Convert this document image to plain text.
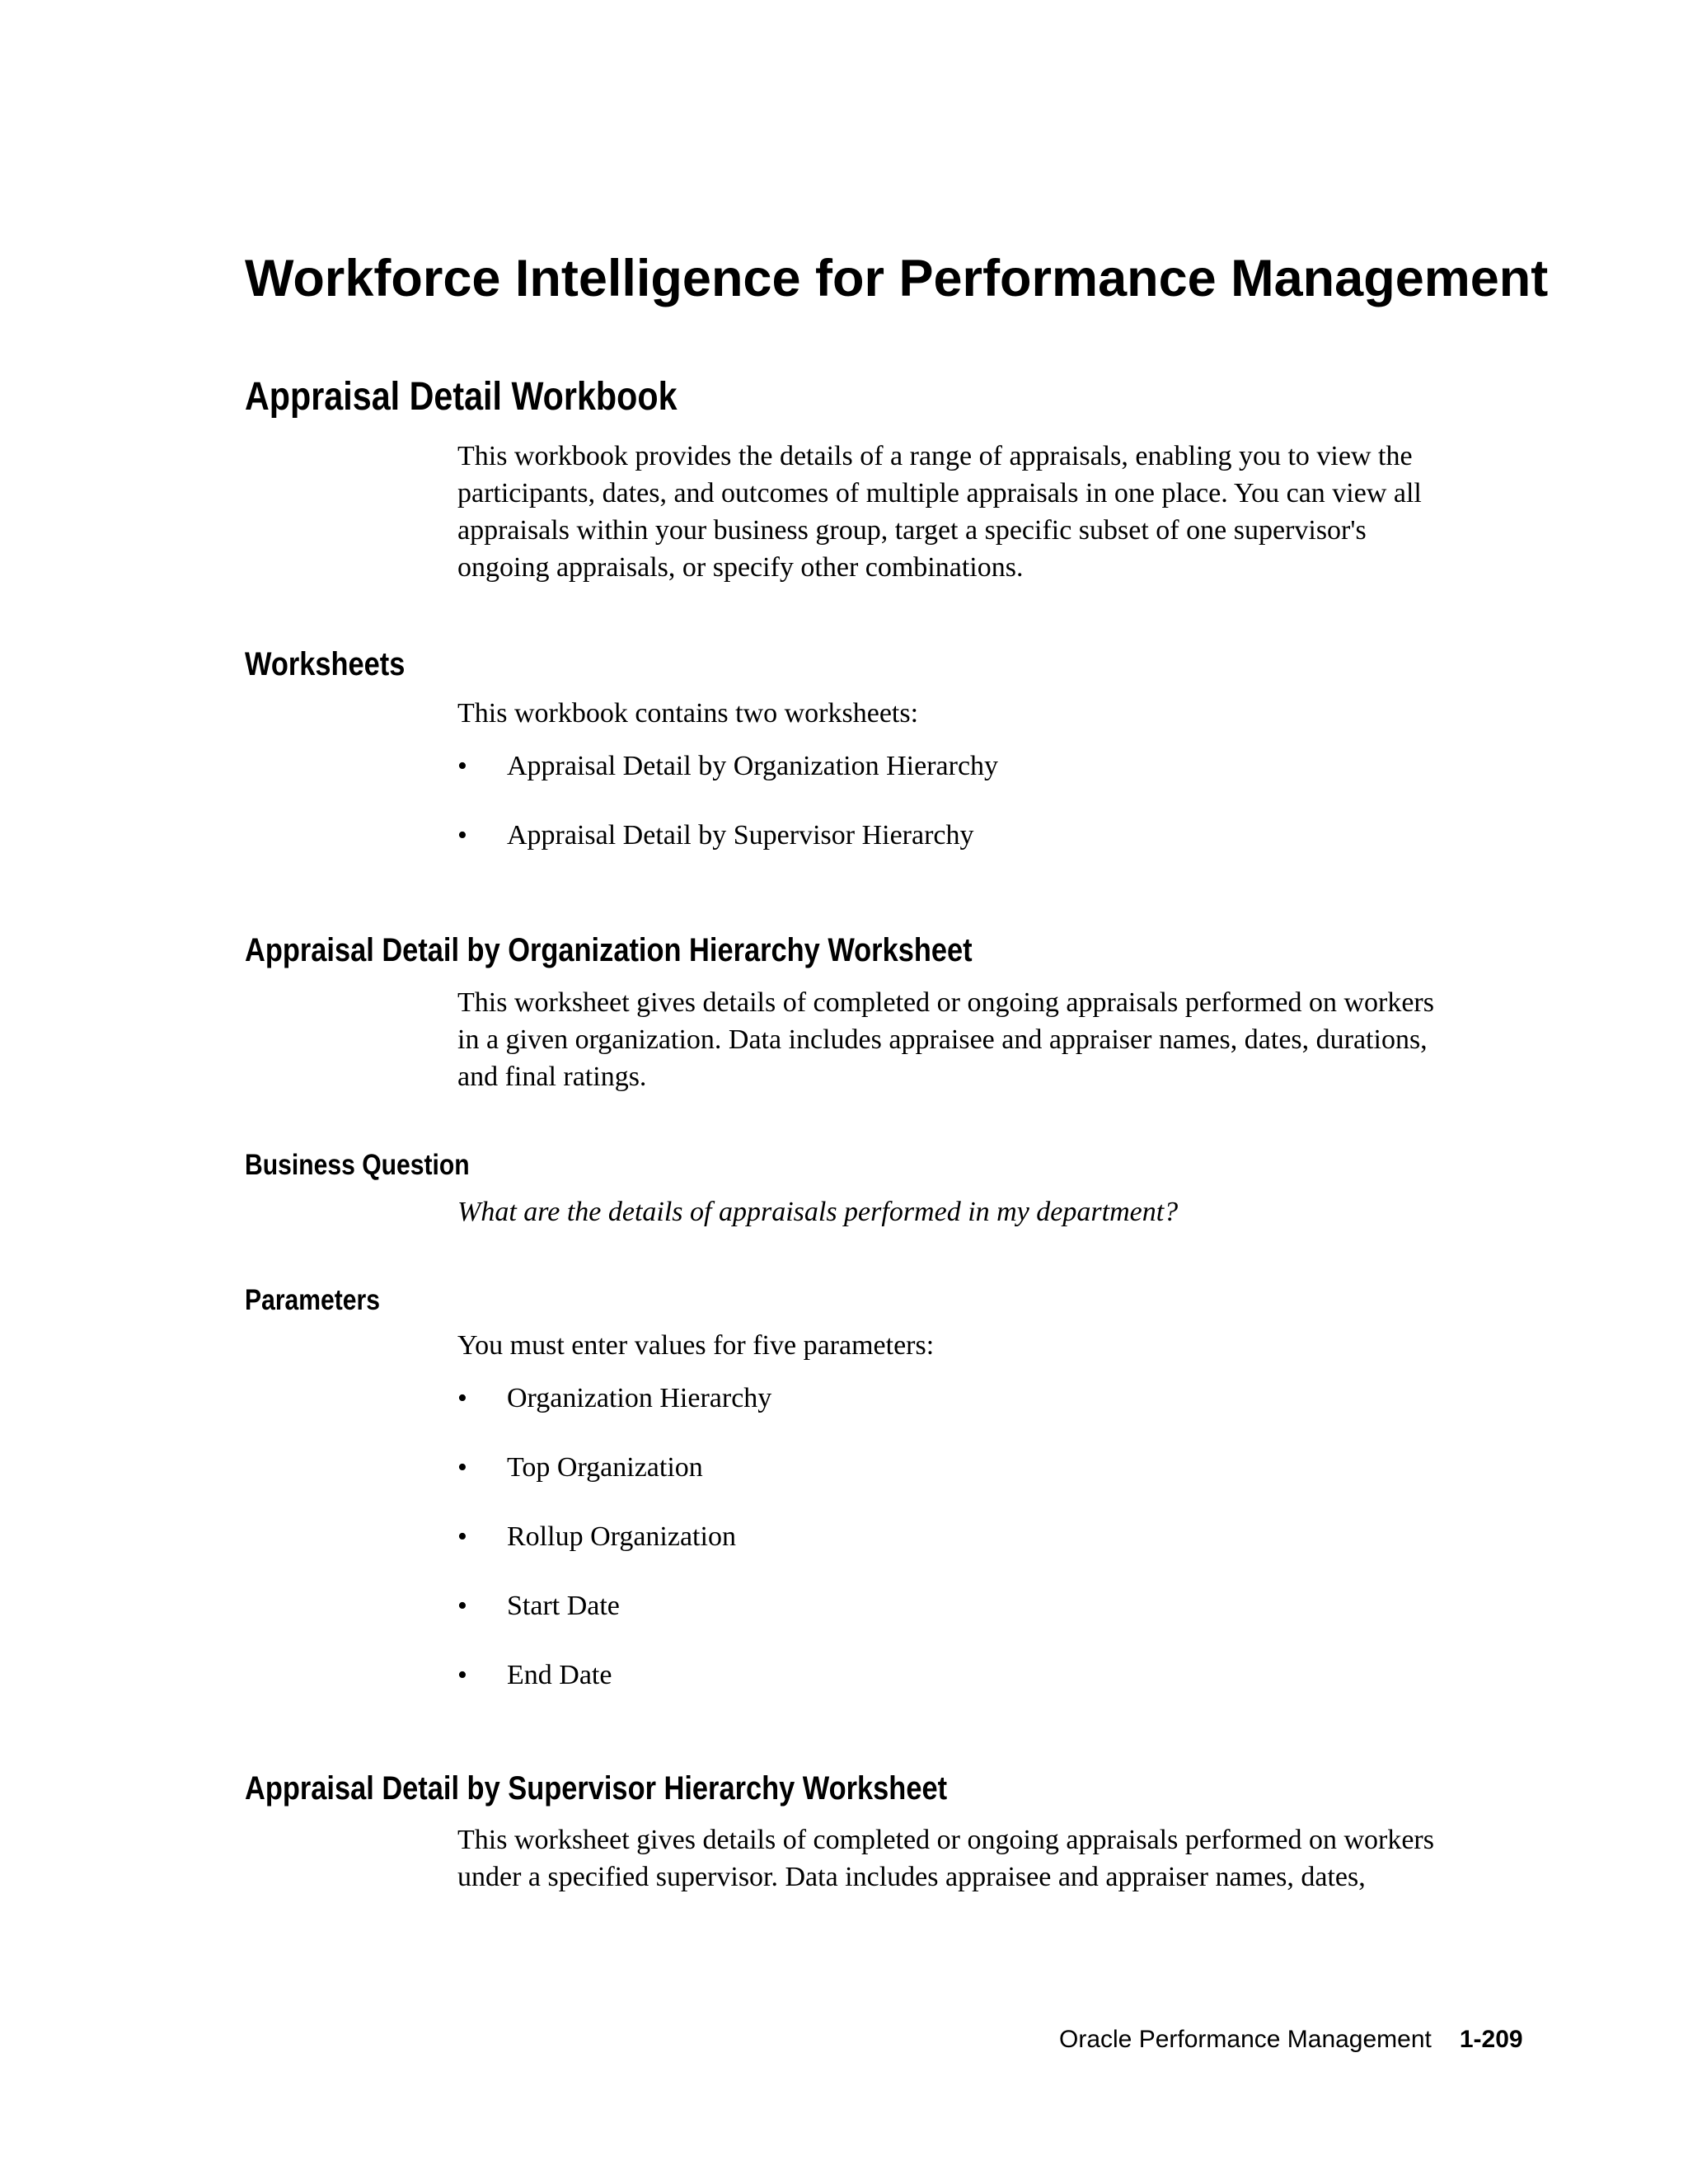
Workforce Intelligence for Performance Management
Appraisal Detail Workbook
This workbook provides the details of a range of appraisals, enabling you to view the
participants, dates, and outcomes of multiple appraisals in one place. You can view all
appraisals within your business group, target a specific subset of one supervisor's
ongoing appraisals, or specify other combinations.
Worksheets
This workbook contains two worksheets:
• Appraisal Detail by Organization Hierarchy
• Appraisal Detail by Supervisor Hierarchy
Appraisal Detail by Organization Hierarchy Worksheet
This worksheet gives details of completed or ongoing appraisals performed on workers
in a given organization. Data includes appraisee and appraiser names, dates, durations,
and final ratings.
Business Question
What are the details of appraisals performed in my department?
Parameters
You must enter values for five parameters:
• Organization Hierarchy
• Top Organization
• Rollup Organization
• Start Date
• End Date
Appraisal Detail by Supervisor Hierarchy Worksheet
This worksheet gives details of completed or ongoing appraisals performed on workers
under a specified supervisor. Data includes appraisee and appraiser names, dates,
Oracle Performance Management 1-209
